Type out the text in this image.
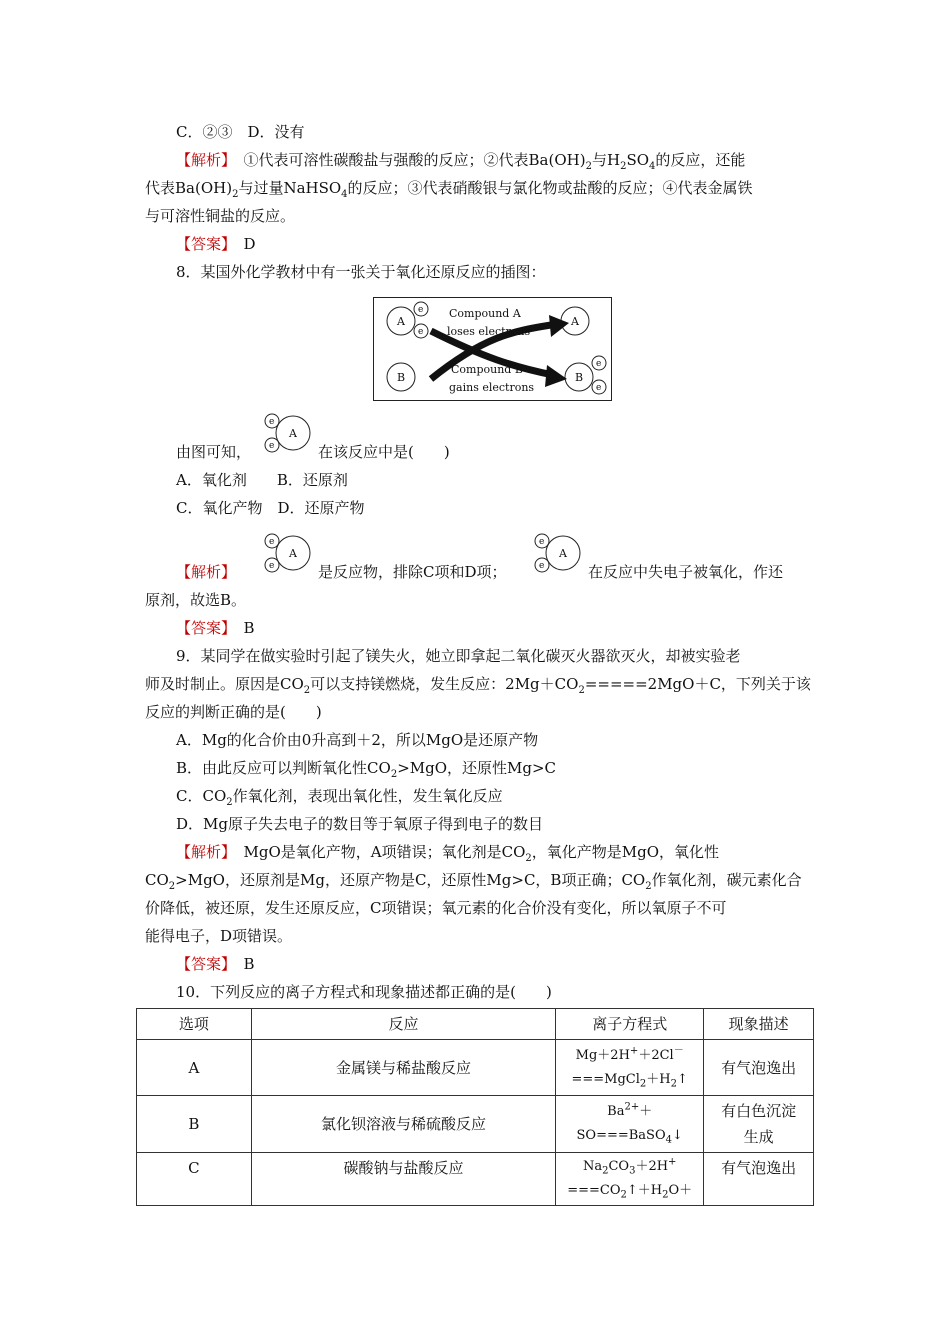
C．②③　D．没有
【解析】　 ①代表可溶性碳酸盐与强酸的反应；②代表$Ba(OH)_2$与$H_2SO_4$的反应，还能
代表$Ba(OH)_2$与过量NaHSO$_4$的反应；③代表硝酸银与氯化物或盐酸的反应；④代表金属铁
与可溶性铜盐的反应。
【答案】　 D
8．某国外化学教材中有一张关于氧化还原反应的插图：
A
e
e
B
A
B
e
e
Compound A
loses electrons
Compound B
gains electrons
由图可知，
A
e
e	在该反应中是(　　)
A．氧化剂　　B．还原剂
C．氧化产物　D．还原产物
【解析】
A
e
e	是反应物，排除C项和D项；
A
e
e	在反应中失电子被氧化，作还
原剂，故选B。
【答案】　 B
9．某同学在做实验时引起了镁失火，她立即拿起二氧化碳灭火器欲灭火，却被实验老
师及时制止。原因是$CO_2$可以支持镁燃烧，发生反应：$2Mg+CO_2=====2MgO+C$，下列关于该
反应的判断正确的是(　　)
A．Mg的化合价由0升高到＋2，所以MgO是还原产物
B．由此反应可以判断氧化性$CO_2>MgO$，还原性Mg>C
C．$CO_2$作氧化剂，表现出氧化性，发生氧化反应
D．Mg原子失去电子的数目等于氧原子得到电子的数目
【解析】　 MgO是氧化产物，A项错误；氧化剂是$CO_2$，氧化产物是MgO，氧化性
$CO_2>MgO$，还原剂是Mg，还原产物是C，还原性Mg>C，B项正确；$CO_2$作氧化剂，碳元素化合
价降低，被还原，发生还原反应，C项错误；氧元素的化合价没有变化，所以氧原子不可
能得电子，D项错误。
【答案】　 B
10．下列反应的离子方程式和现象描述都正确的是(　　)
选项	反应	离子方程式	现象描述
A	金属镁与稀盐酸反应	Mg＋2H+＋2Cl－
$===MgCl_2+H_2↑$	有气泡逸出
B	氯化钡溶液与稀硫酸反应	$Ba^{2+}+$
SO===BaSO$_4$↓	有白色沉淀
生成
C	碳酸钠与盐酸反应	$Na_2CO_3+2H^+$
$===CO_2↑+H_2O+$	有气泡逸出
